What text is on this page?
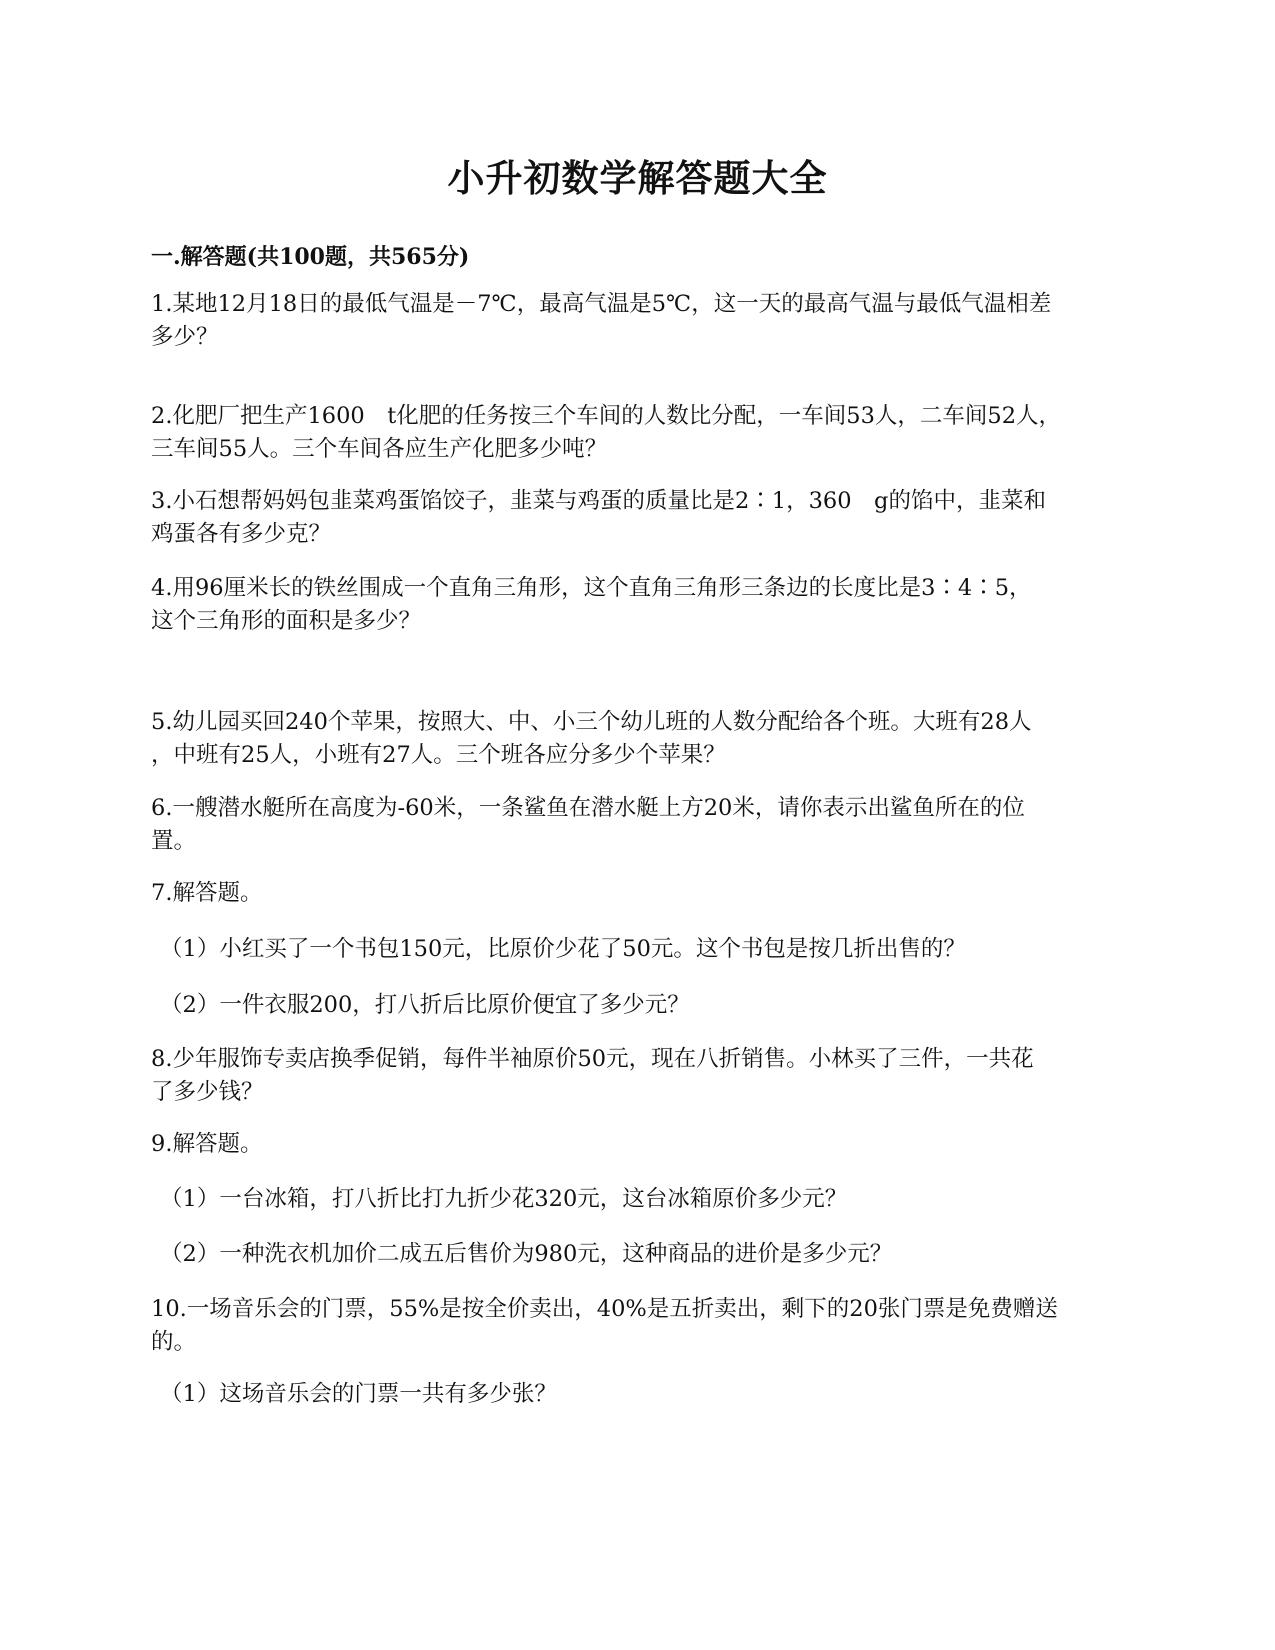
小升初数学解答题大全
一.解答题(共100题，共565分)
1.某地12月18日的最低气温是－7℃，最高气温是5℃，这一天的最高气温与最低气温相差
多少？
2.化肥厂把生产1600　t化肥的任务按三个车间的人数比分配，一车间53人，二车间52人，
三车间55人。三个车间各应生产化肥多少吨？
3.小石想帮妈妈包韭菜鸡蛋馅饺子，韭菜与鸡蛋的质量比是2∶1，360　g的馅中，韭菜和
鸡蛋各有多少克？
4.用96厘米长的铁丝围成一个直角三角形，这个直角三角形三条边的长度比是3∶4∶5，
这个三角形的面积是多少？
5.幼儿园买回240个苹果，按照大、中、小三个幼儿班的人数分配给各个班。大班有28人
，中班有25人，小班有27人。三个班各应分多少个苹果？
6.一艘潜水艇所在高度为-60米，一条鲨鱼在潜水艇上方20米，请你表示出鲨鱼所在的位
置。
7.解答题。
（1）小红买了一个书包150元，比原价少花了50元。这个书包是按几折出售的？
（2）一件衣服200，打八折后比原价便宜了多少元？
8.少年服饰专卖店换季促销，每件半袖原价50元，现在八折销售。小林买了三件，一共花
了多少钱？
9.解答题。
（1）一台冰箱，打八折比打九折少花320元，这台冰箱原价多少元？
（2）一种洗衣机加价二成五后售价为980元，这种商品的进价是多少元？
10.一场音乐会的门票，55%是按全价卖出，40%是五折卖出，剩下的20张门票是免费赠送
的。
（1）这场音乐会的门票一共有多少张？
